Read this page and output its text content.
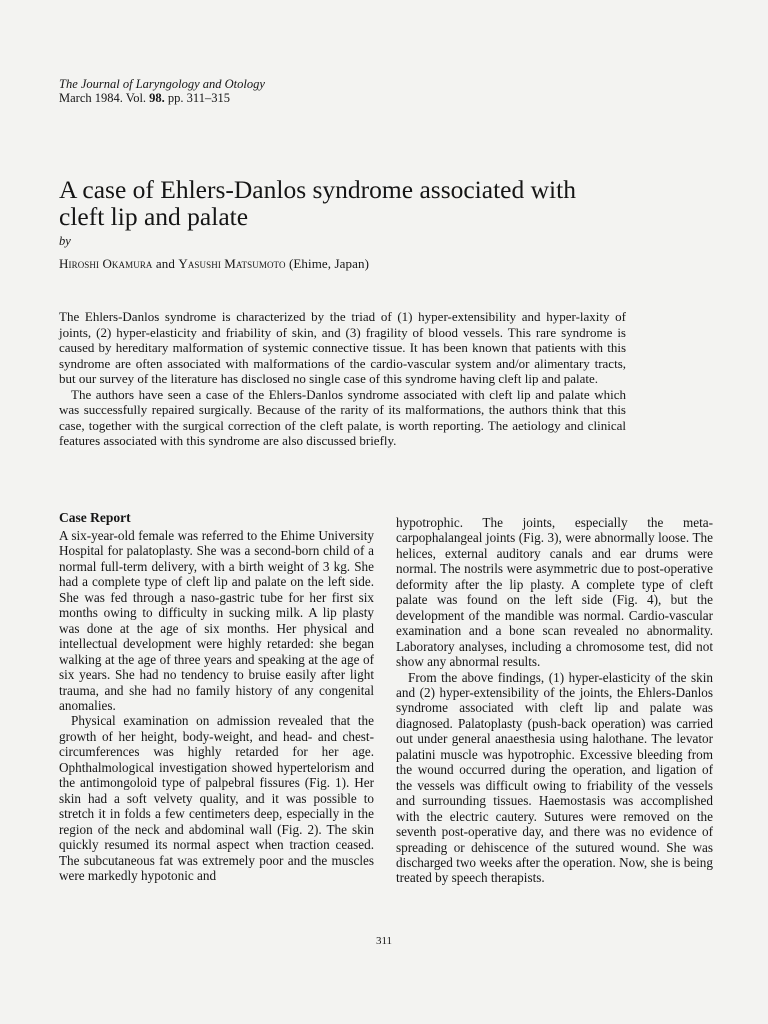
The Journal of Laryngology and Otology
March 1984. Vol. 98. pp. 311–315
A case of Ehlers-Danlos syndrome associated with cleft lip and palate
by
Hiroshi Okamura and Yasushi Matsumoto (Ehime, Japan)

The Ehlers-Danlos syndrome is characterized by the triad of (1) hyper-extensibility and hyper-laxity of joints, (2) hyper-elasticity and friability of skin, and (3) fragility of blood vessels. This rare syndrome is caused by hereditary malformation of systemic connective tissue. It has been known that patients with this syndrome are often associated with malformations of the cardio-vascular system and/or alimentary tracts, but our survey of the literature has disclosed no single case of this syndrome having cleft lip and palate.

The authors have seen a case of the Ehlers-Danlos syndrome associated with cleft lip and palate which was successfully repaired surgically. Because of the rarity of its malformations, the authors think that this case, together with the surgical correction of the cleft palate, is worth reporting. The aetiology and clinical features associated with this syndrome are also discussed briefly.

Case Report

A six-year-old female was referred to the Ehime University Hospital for palatoplasty. She was a second-born child of a normal full-term delivery, with a birth weight of 3 kg. She had a complete type of cleft lip and palate on the left side. She was fed through a naso-gastric tube for her first six months owing to difficulty in sucking milk. A lip plasty was done at the age of six months. Her physical and intellectual development were highly retarded: she began walking at the age of three years and speaking at the age of six years. She had no tendency to bruise easily after light trauma, and she had no family history of any congenital anomalies.

Physical examination on admission revealed that the growth of her height, body-weight, and head- and chest-circumferences was highly retarded for her age. Ophthalmological investigation showed hypertelorism and the antimongoloid type of palpebral fissures (Fig. 1). Her skin had a soft velvety quality, and it was possible to stretch it in folds a few centimeters deep, especially in the region of the neck and abdominal wall (Fig. 2). The skin quickly resumed its normal aspect when traction ceased. The subcutaneous fat was extremely poor and the muscles were markedly hypotonic and

hypotrophic. The joints, especially the meta-carpophalangeal joints (Fig. 3), were abnormally loose. The helices, external auditory canals and ear drums were normal. The nostrils were asymmetric due to post-operative deformity after the lip plasty. A complete type of cleft palate was found on the left side (Fig. 4), but the development of the mandible was normal. Cardio-vascular examination and a bone scan revealed no abnormality. Laboratory analyses, including a chromosome test, did not show any abnormal results.

From the above findings, (1) hyper-elasticity of the skin and (2) hyper-extensibility of the joints, the Ehlers-Danlos syndrome associated with cleft lip and palate was diagnosed. Palatoplasty (push-back operation) was carried out under general anaesthesia using halothane. The levator palatini muscle was hypotrophic. Excessive bleeding from the wound occurred during the operation, and ligation of the vessels was difficult owing to friability of the vessels and surrounding tissues. Haemostasis was accomplished with the electric cautery. Sutures were removed on the seventh post-operative day, and there was no evidence of spreading or dehiscence of the sutured wound. She was discharged two weeks after the operation. Now, she is being treated by speech therapists.

311
